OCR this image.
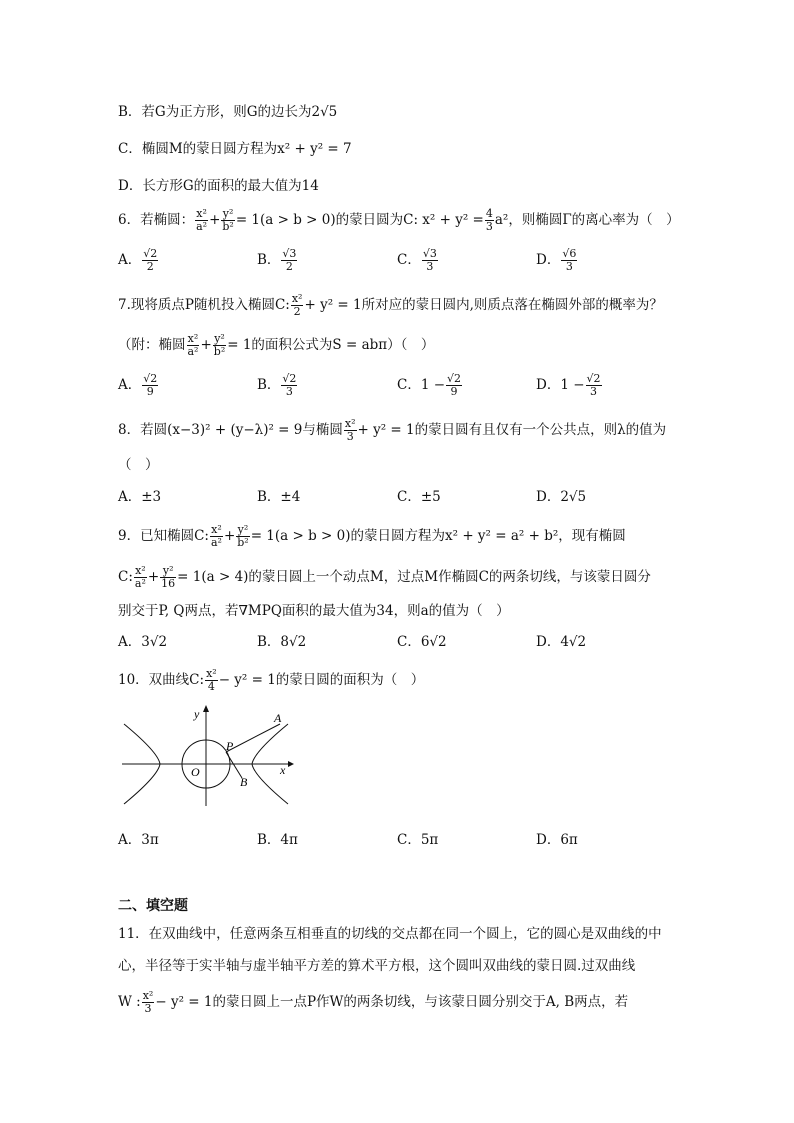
B．若G为正方形，则G的边长为2√5
C．椭圆M的蒙日圆方程为x² + y² = 7
D．长方形G的面积的最大值为14
6．若椭圆： $\frac{\text{x²}}{\text{a²}} + \frac{\text{y²}}{\text{b²}} = 1(a > b > 0)$的蒙日圆为C: $x^2 + y^2 = \frac{4}{3} a^2$，则椭圆Γ的离心率为（　）
A． $\frac{√2}{2}$	B． $\frac{√3}{2}$	C． $\frac{√3}{3}$	D． $\frac{√6}{3}$
7.现将质点P随机投入椭圆C: $\frac{\text{x²}}{2} + y^2 = 1$所对应的蒙日圆内,则质点落在椭圆外部的概率为？
（附：椭圆 $\frac{\text{x²}}{\text{a²}} + \frac{\text{y²}}{\text{b²}} = 1$的面积公式为S = abπ）（　）
A． $\frac{√2}{9}$	B． $\frac{√2}{3}$	C．$1 - \frac{√2}{9}$	D．$1 - \frac{√2}{3}$
8．若圆(x−3)² + (y−λ)² = 9与椭圆 $\frac{\text{x²}}{3} + y^2 = 1$的蒙日圆有且仅有一个公共点，则λ的值为
（　）
A．±3	B．±4	C．±5	D．2√5
9．已知椭圆C: $\frac{\text{x²}}{\text{a²}} + \frac{\text{y²}}{\text{b²}} = 1(a > b > 0)$的蒙日圆方程为x² + y² = a² + b²，现有椭圆
C: $\frac{\text{x²}}{\text{a²}} + \frac{\text{y²}}{16} = 1(a > 4)$的蒙日圆上一个动点M，过点M作椭圆C的两条切线，与该蒙日圆分
别交于P, Q两点，若∇MPQ面积的最大值为34，则a的值为（　）
A．3√2	B．8√2	C．6√2	D．4√2
10．双曲线C: $\frac{\text{x²}}{4} - y^2 = 1$的蒙日圆的面积为（　）
y
x
O
P
A
B
A．3π	B．4π	C．5π	D．6π
二、填空题
11．在双曲线中，任意两条互相垂直的切线的交点都在同一个圆上，它的圆心是双曲线的中
心，半径等于实半轴与虚半轴平方差的算术平方根，这个圆叫双曲线的蒙日圆.过双曲线
W : $\frac{\text{x²}}{3} - y^2 = 1$的蒙日圆上一点P作W的两条切线，与该蒙日圆分别交于A, B两点，若
